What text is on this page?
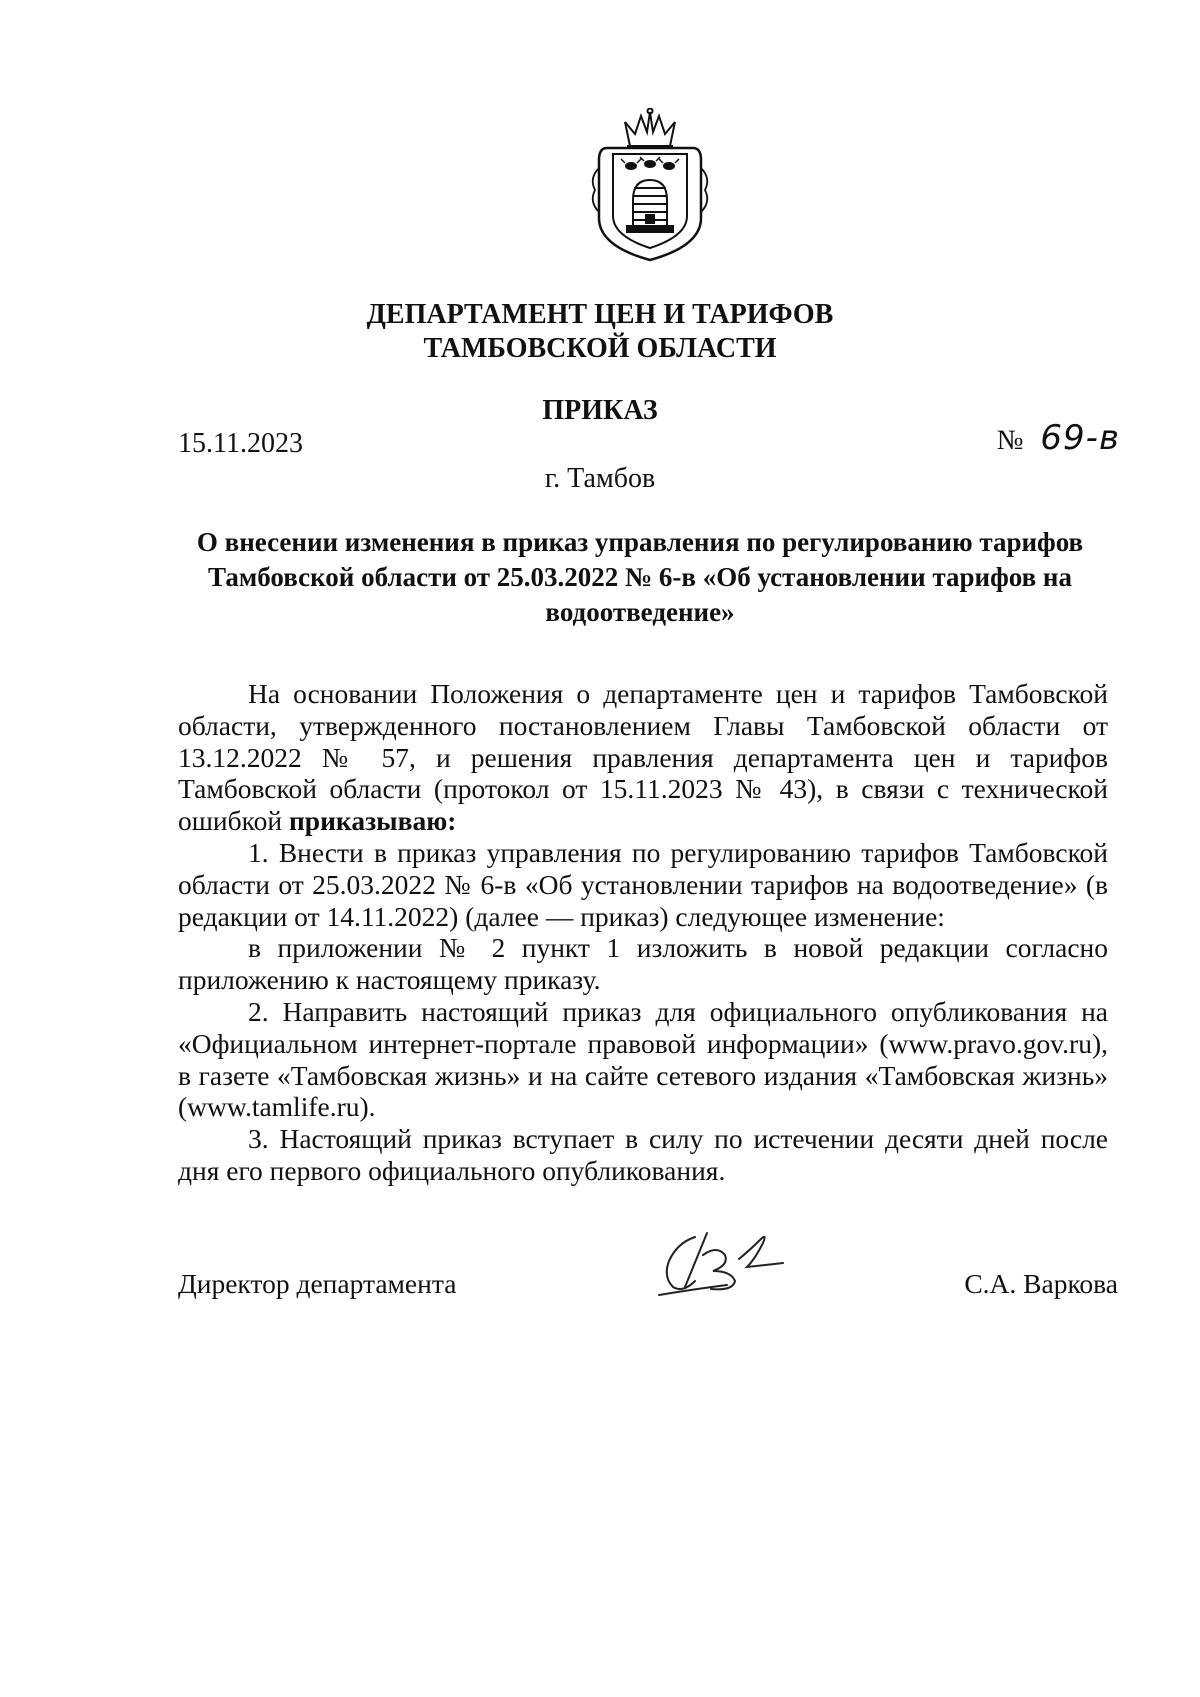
ДЕПАРТАМЕНТ ЦЕН И ТАРИФОВ
ТАМБОВСКОЙ ОБЛАСТИ
ПРИКАЗ
15.11.2023	№ 69-в
г. Тамбов
О внесении изменения в приказ управления по регулированию тарифов
Тамбовской области от 25.03.2022 № 6-в «Об установлении тарифов на
водоотведение»

На основании Положения о департаменте цен и тарифов Тамбовской области, утвержденного постановлением Главы Тамбовской области от 13.12.2022 № 57, и решения правления департамента цен и тарифов Тамбовской области (протокол от 15.11.2023 № 43), в связи с технической ошибкой приказываю:

1. Внести в приказ управления по регулированию тарифов Тамбовской области от 25.03.2022 № 6-в «Об установлении тарифов на водоотведение» (в редакции от 14.11.2022) (далее — приказ) следующее изменение:

в приложении № 2 пункт 1 изложить в новой редакции согласно приложению к настоящему приказу.

2. Направить настоящий приказ для официального опубликования на «Официальном интернет-портале правовой информации» (www.pravo.gov.ru), в газете «Тамбовская жизнь» и на сайте сетевого издания «Тамбовская жизнь» (www.tamlife.ru).

3. Настоящий приказ вступает в силу по истечении десяти дней после дня его первого официального опубликования.

Директор департамента	С.А. Варкова
